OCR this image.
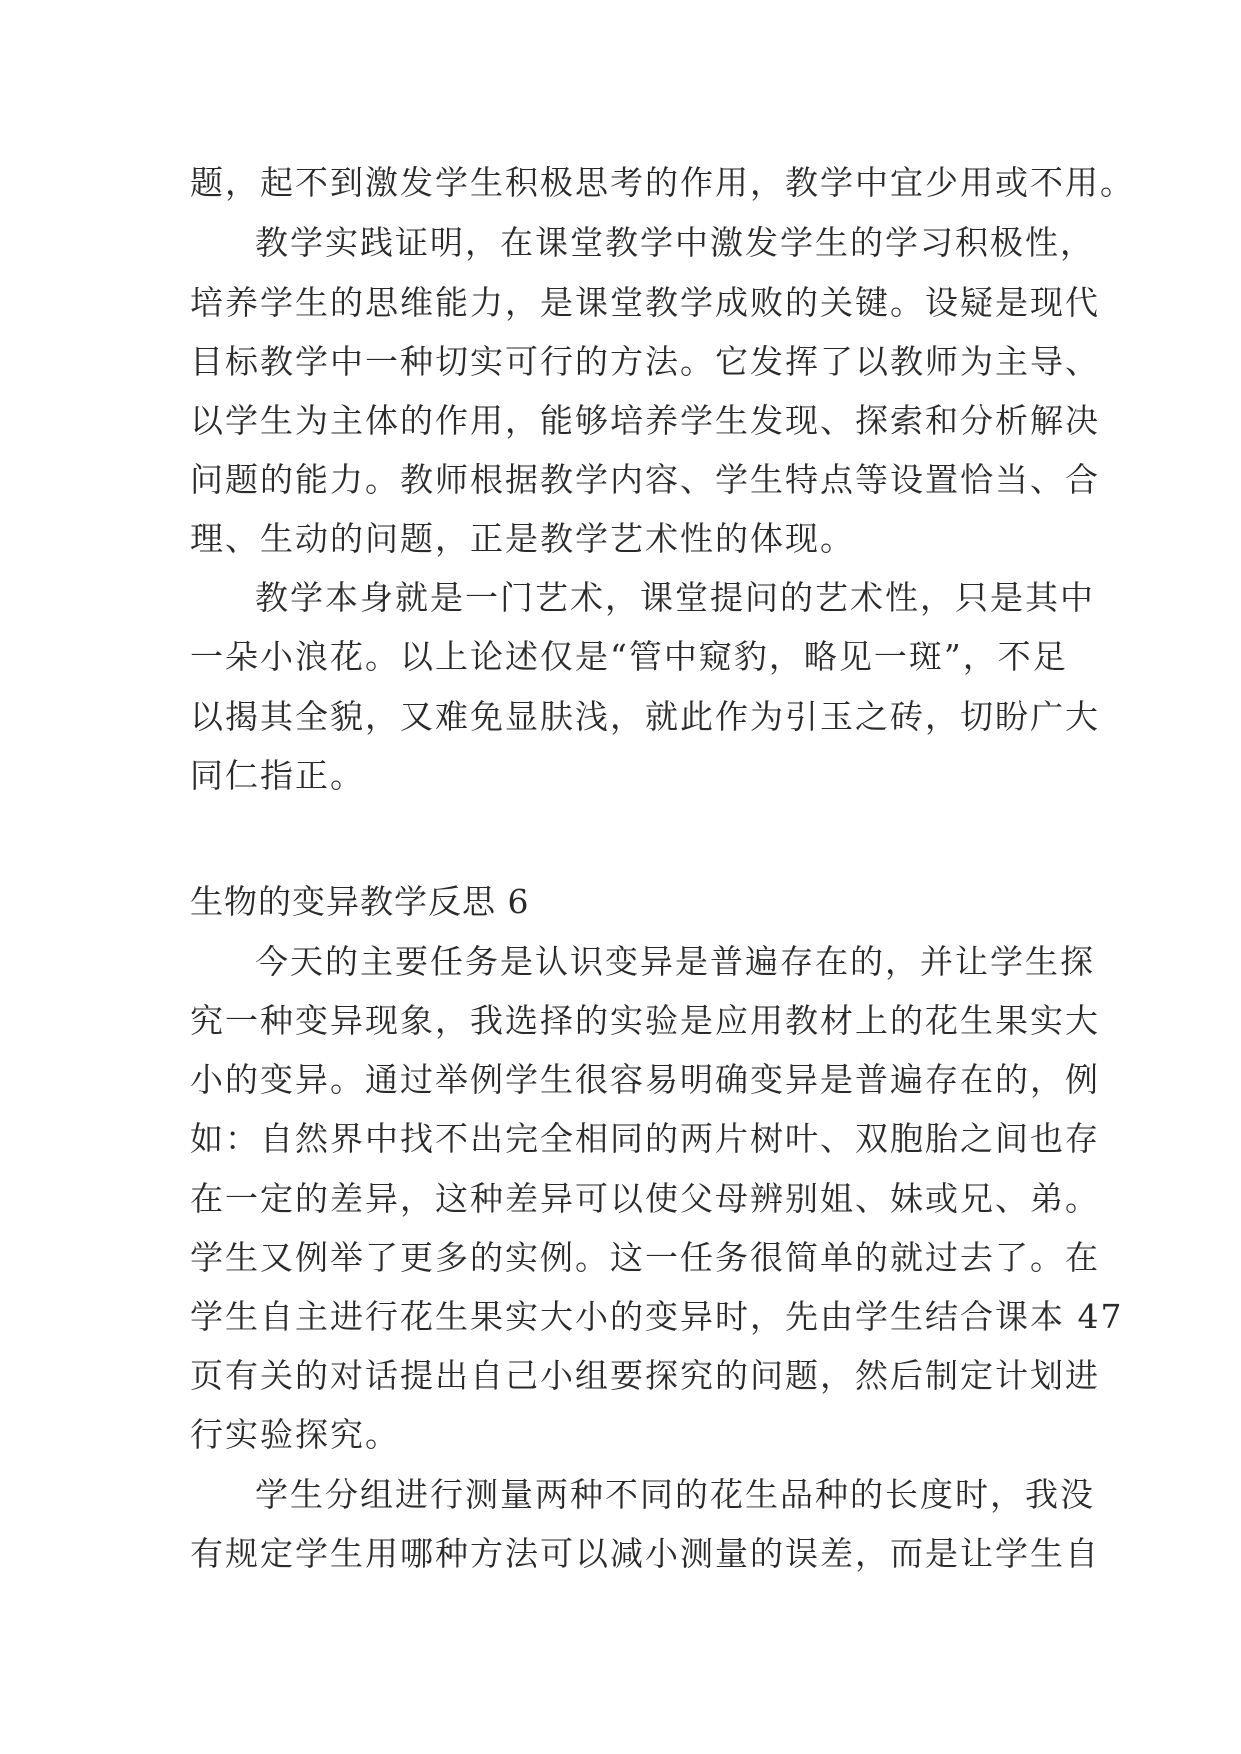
题，起不到激发学生积极思考的作用，教学中宜少用或不用。
教学实践证明，在课堂教学中激发学生的学习积极性，
培养学生的思维能力，是课堂教学成败的关键。设疑是现代
目标教学中一种切实可行的方法。它发挥了以教师为主导、
以学生为主体的作用，能够培养学生发现、探索和分析解决
问题的能力。教师根据教学内容、学生特点等设置恰当、合
理、生动的问题，正是教学艺术性的体现。
教学本身就是一门艺术，课堂提问的艺术性，只是其中
一朵小浪花。以上论述仅是“管中窥豹，略见一斑”，不足
以揭其全貌，又难免显肤浅，就此作为引玉之砖，切盼广大
同仁指正。
生物的变异教学反思 6
今天的主要任务是认识变异是普遍存在的，并让学生探
究一种变异现象，我选择的实验是应用教材上的花生果实大
小的变异。通过举例学生很容易明确变异是普遍存在的，例
如：自然界中找不出完全相同的两片树叶、双胞胎之间也存
在一定的差异，这种差异可以使父母辨别姐、妹或兄、弟。
学生又例举了更多的实例。这一任务很简单的就过去了。在
学生自主进行花生果实大小的变异时，先由学生结合课本 47
页有关的对话提出自己小组要探究的问题，然后制定计划进
行实验探究。
学生分组进行测量两种不同的花生品种的长度时，我没
有规定学生用哪种方法可以减小测量的误差，而是让学生自
